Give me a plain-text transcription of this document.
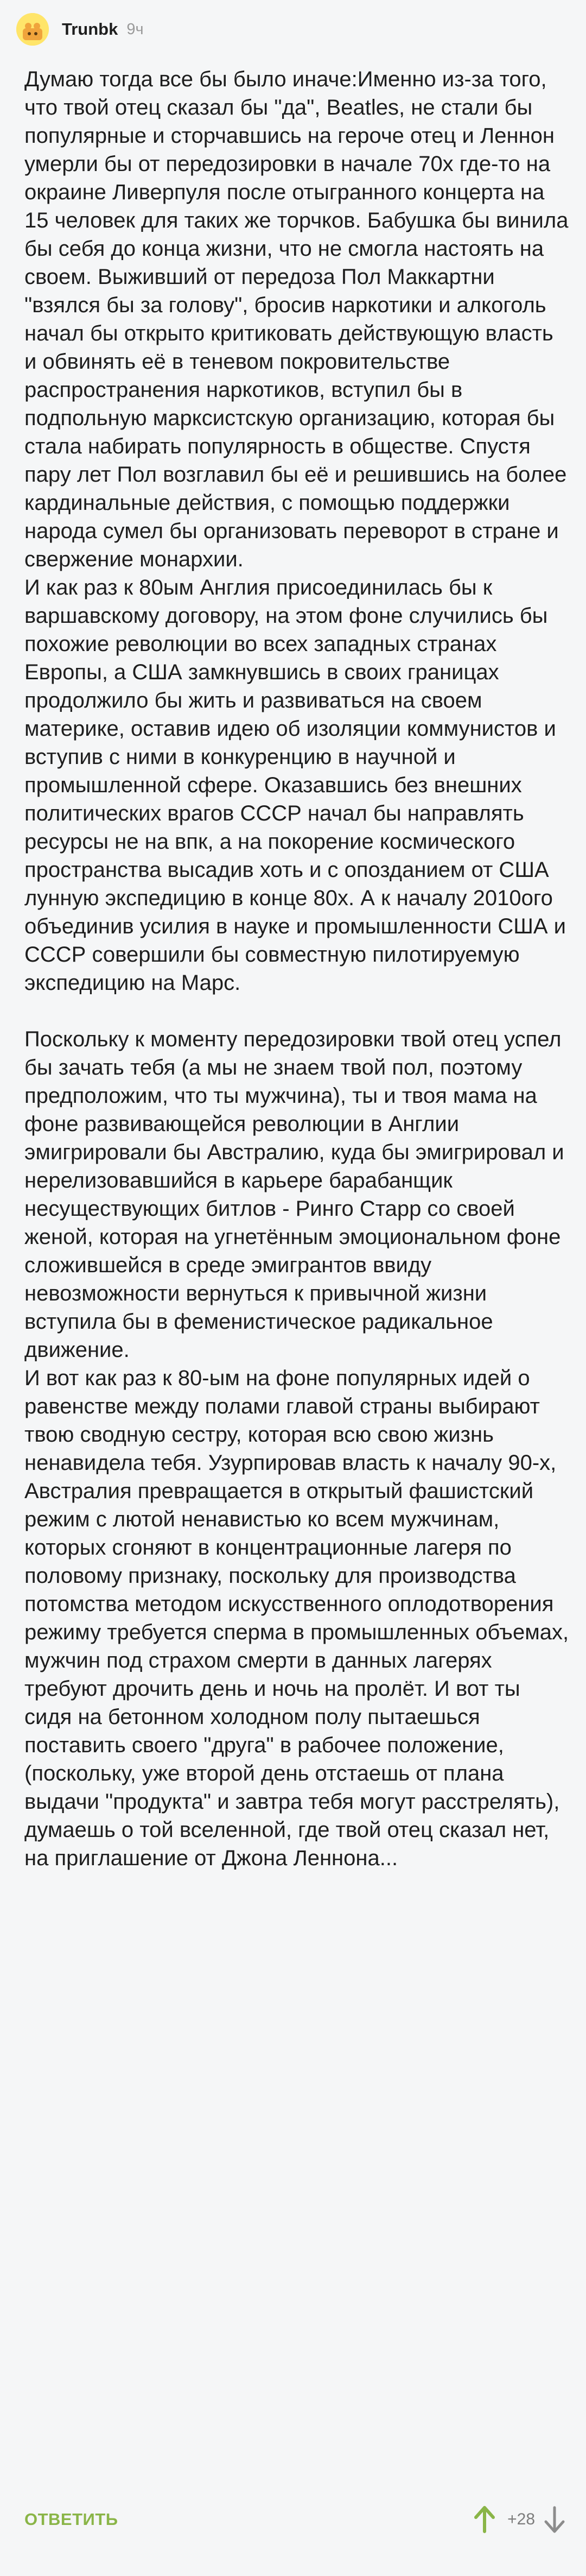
Trunbk 9ч

Думаю тогда все бы было иначе:Именно из-за того, что твой отец сказал бы "да", Beatles, не стали бы популярные и сторчавшись на героче отец и Леннон умерли бы от передозировки в начале 70х где-то на окраине Ливерпуля после отыгранного концерта на 15 человек для таких же торчков. Бабушка бы винила бы себя до конца жизни, что не смогла настоять на своем. Выживший от передоза Пол Маккартни "взялся бы за голову", бросив наркотики и алкоголь начал бы открыто критиковать действующую власть и обвинять её в теневом покровительстве распространения наркотиков, вступил бы в подпольную марксистскую организацию, которая бы стала набирать популярность в обществе. Спустя пару лет Пол возглавил бы её и решившись на более кардинальные действия, с помощью поддержки народа сумел бы организовать переворот в стране и свержение монархии.
И как раз к 80ым Англия присоединилась бы к варшавскому договору, на этом фоне случились бы похожие революции во всех западных странах Европы, а США замкнувшись в своих границах продолжило бы жить и развиваться на своем материке, оставив идею об изоляции коммунистов и вступив с ними в конкуренцию в научной и промышленной сфере. Оказавшись без внешних политических врагов СССР начал бы направлять ресурсы не на впк, а на покорение космического пространства высадив хоть и с опозданием от США лунную экспедицию в конце 80х. А к началу 2010ого объединив усилия в науке и промышленности США и СССР совершили бы совместную пилотируемую экспедицию на Марс.

Поскольку к моменту передозировки твой отец успел бы зачать тебя (а мы не знаем твой пол, поэтому предположим, что ты мужчина), ты и твоя мама на фоне развивающейся революции в Англии эмигрировали бы Австралию, куда бы эмигрировал и нерелизовавшийся в карьере барабанщик несуществующих битлов - Ринго Старр со своей женой, которая на угнетённым эмоциональном фоне сложившейся в среде эмигрантов ввиду невозможности вернуться к привычной жизни вступила бы в феменистическое радикальное движение.
И вот как раз к 80-ым на фоне популярных идей о равенстве между полами главой страны выбирают твою сводную сестру, которая всю свою жизнь ненавидела тебя. Узурпировав власть к началу 90-х, Австралия превращается в открытый фашистский режим с лютой ненавистью ко всем мужчинам, которых сгоняют в концентрационные лагеря по половому признаку, поскольку для производства потомства методом искусственного оплодотворения режиму требуется сперма в промышленных объемах, мужчин под страхом смерти в данных лагерях требуют дрочить день и ночь на пролёт. И вот ты сидя на бетонном холодном полу пытаешься поставить своего "друга" в рабочее положение, (поскольку, уже второй день отстаешь от плана выдачи "продукта" и завтра тебя могут расстрелять), думаешь о той вселенной, где твой отец сказал нет, на приглашение от Джона Леннона...

ОТВЕТИТЬ	+28
